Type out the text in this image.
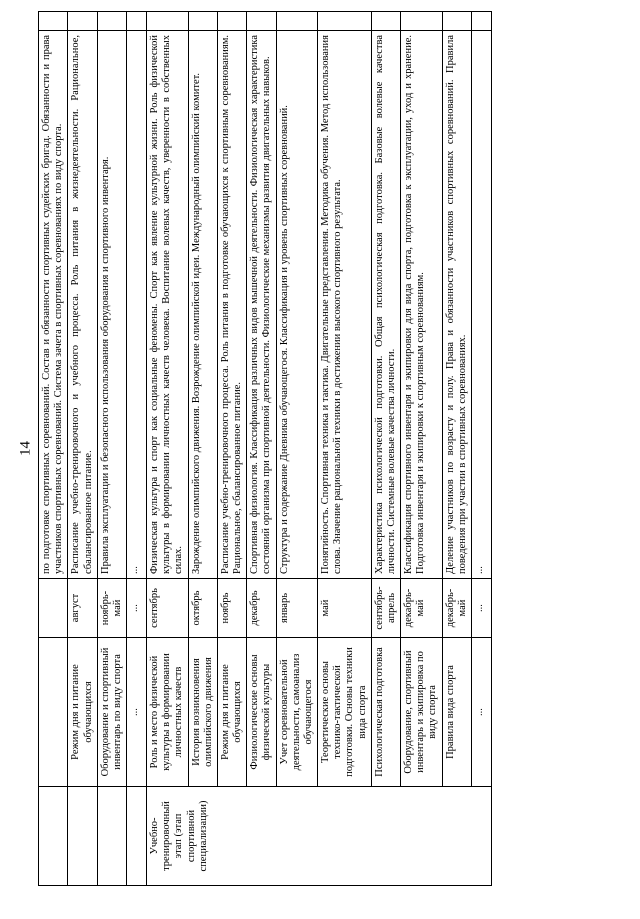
14
			по подготовке спортивных соревнований. Состав и обязанности спортивных судейских бригад. Обязанности и права участников спортивных соревнований. Система зачета в спортивных соревнованиях по виду спорта.	
	Режим дня и питание обучающихся	август	Расписание учебно-тренировочного и учебного процесса. Роль питания в жизнедеятельности. Рациональное, сбалансированное питание.	
	Оборудование и спортивный инвентарь по виду спорта	ноябрь-май	Правила эксплуатации и безопасного использования оборудования и спортивного инвентаря.	
	...	...	...	
Учебно-тренировочный этап (этап спортивной специализации)	Роль и место физической культуры в формировании личностных качеств	сентябрь	Физическая культура и спорт как социальные феномены. Спорт как явление культурной жизни. Роль физической культуры в формировании личностных качеств человека. Воспитание волевых качеств, уверенности в собственных силах.	
	История возникновения олимпийского движения	октябрь	Зарождение олимпийского движения. Возрождение олимпийской идеи. Международный олимпийский комитет.	
	Режим дня и питание обучающихся	ноябрь	Расписание учебно-тренировочного процесса. Роль питания в подготовке обучающихся к спортивным соревнованиям. Рациональное, сбалансированное питание.	
	Физиологические основы физической культуры	декабрь	Спортивная физиология. Классификация различных видов мышечной деятельности. Физиологическая характеристика состояний организма при спортивной деятельности. Физиологические механизмы развития двигательных навыков.	
	Учет соревновательной деятельности, самоанализ обучающегося	январь	Структура и содержание Дневника обучающегося. Классификация и уровень спортивных соревнований.	
	Теоретические основы технико-тактической подготовки. Основы техники вида спорта	май	Понятийность. Спортивная техника и тактика. Двигательные представления. Методика обучения. Метод использования слова. Значение рациональной техники в достижении высокого спортивного результата.	
	Психологическая подготовка	сентябрь-апрель	Характеристика психологической подготовки. Общая психологическая подготовка. Базовые волевые качества личности. Системные волевые качества личности.	
	Оборудование, спортивный инвентарь и экипировка по виду спорта	декабрь-май	Классификация спортивного инвентаря и экипировки для вида спорта, подготовка к эксплуатации, уход и хранение. Подготовка инвентаря и экипировки к спортивным соревнованиям.	
	Правила вида спорта	декабрь-май	Деление участников по возрасту и полу. Права и обязанности участников спортивных соревнований. Правила поведения при участии в спортивных соревнованиях.	
	...	...	...	
